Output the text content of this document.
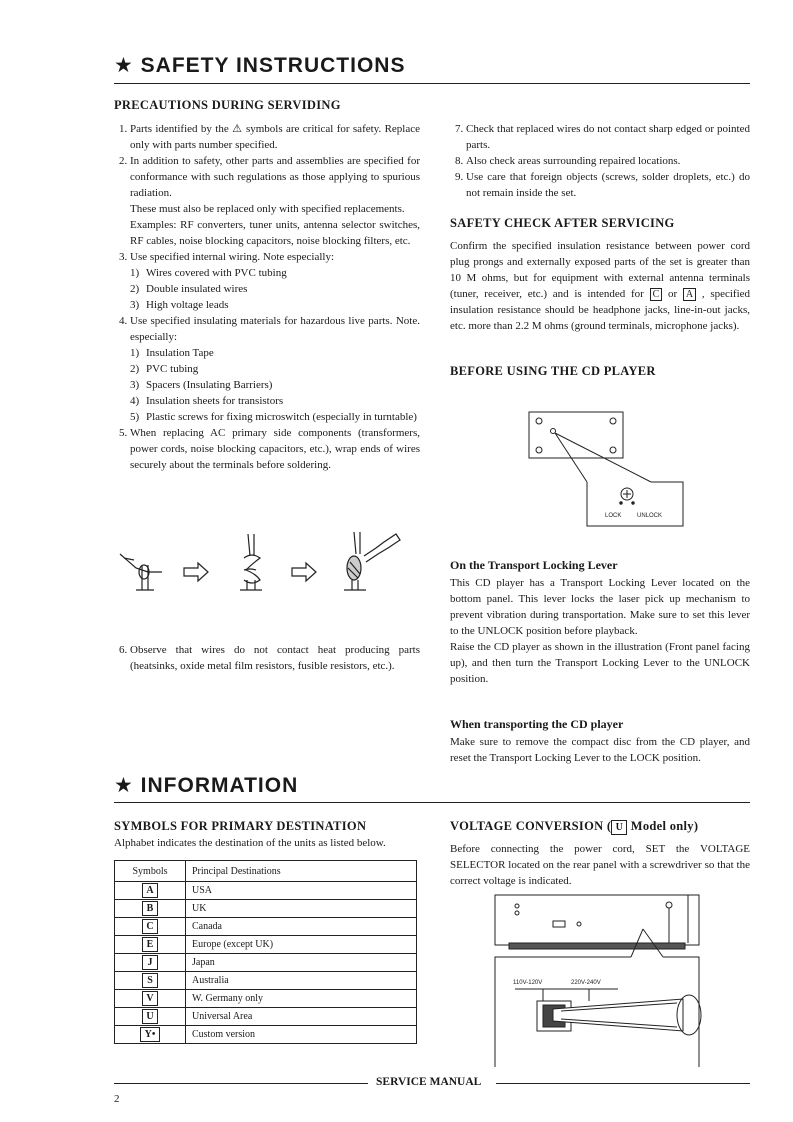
★ SAFETY INSTRUCTIONS
PRECAUTIONS DURING SERVIDING
1. Parts identified by the ⚠ symbols are critical for safety. Replace only with parts number specified.
2. In addition to safety, other parts and assemblies are specified for conformance with such regulations as those applying to spurious radiation.
These must also be replaced only with specified replacements.
Examples: RF converters, tuner units, antenna selector switches, RF cables, noise blocking capacitors, noise blocking filters, etc.
3. Use specified internal wiring. Note especially:
1) Wires covered with PVC tubing
2) Double insulated wires
3) High voltage leads
4. Use specified insulating materials for hazardous live parts. Note. especially:
1) Insulation Tape
2) PVC tubing
3) Spacers (Insulating Barriers)
4) Insulation sheets for transistors
5) Plastic screws for fixing microswitch (especially in turntable)
5. When replacing AC primary side components (transformers, power cords, noise blocking capacitors, etc.), wrap ends of wires securely about the terminals before soldering.
6. Observe that wires do not contact heat producing parts (heatsinks, oxide metal film resistors, fusible resistors, etc.).
7. Check that replaced wires do not contact sharp edged or pointed parts.
8. Also check areas surrounding repaired locations.
9. Use care that foreign objects (screws, solder droplets, etc.) do not remain inside the set.
SAFETY CHECK AFTER SERVICING

Confirm the specified insulation resistance between power cord plug prongs and externally exposed parts of the set is greater than 10 M ohms, but for equipment with external antenna terminals (tuner, receiver, etc.) and is intended for C or A , specified insulation resistance should be headphone jacks, line-in-out jacks, etc. more than 2.2 M ohms (ground terminals, microphone jacks).

BEFORE USING THE CD PLAYER
LOCK	UNLOCK
On the Transport Locking Lever

This CD player has a Transport Locking Lever located on the bottom panel. This lever locks the laser pick up mechanism to prevent vibration during transportation. Make sure to set this lever to the UNLOCK position before playback.

Raise the CD player as shown in the illustration (Front panel facing up), and then turn the Transport Locking Lever to the UNLOCK position.

When transporting the CD player

Make sure to remove the compact disc from the CD player, and reset the Transport Locking Lever to the LOCK position.

★ INFORMATION
SYMBOLS FOR PRIMARY DESTINATION
Alphabet indicates the destination of the units as listed below.
Symbols	Principal Destinations
A	USA
B	UK
C	Canada
E	Europe (except UK)
J	Japan
S	Australia
V	W. Germany only
U	Universal Area
Y•	Custom version
VOLTAGE CONVERSION ( U Model only)

Before connecting the power cord, SET the VOLTAGE SELECTOR located on the rear panel with a screwdriver so that the correct voltage is indicated.

110V-120V	220V-240V
SERVICE MANUAL
2
